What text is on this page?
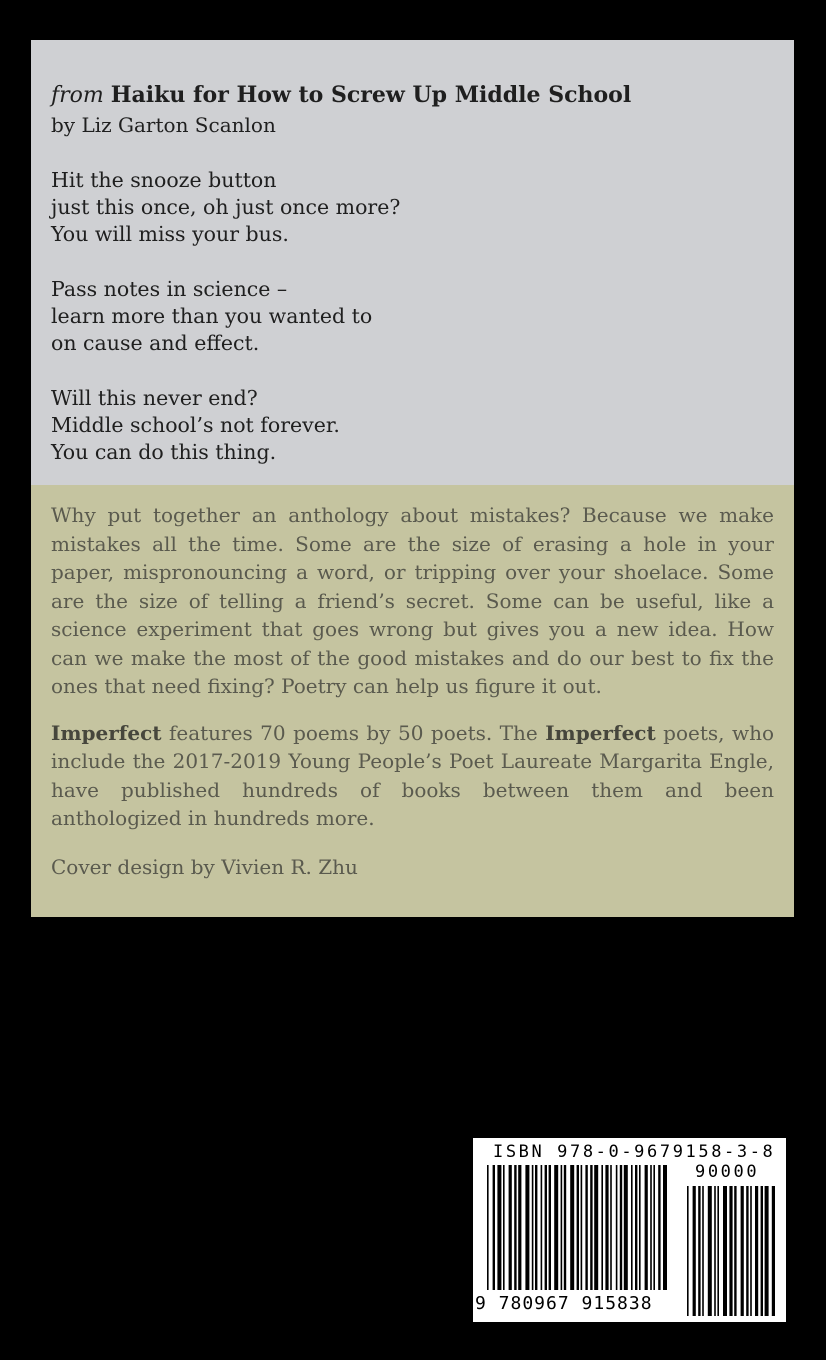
from Haiku for How to Screw Up Middle School
by Liz Garton Scanlon
Hit the snooze button
just this once, oh just once more?
You will miss your bus.
Pass notes in science –
learn more than you wanted to
on cause and effect.
Will this never end?
Middle school’s not forever.
You can do this thing.

Why put together an anthology about mistakes? Because we make mistakes all the time. Some are the size of erasing a hole in your paper, mispronouncing a word, or tripping over your shoelace. Some are the size of telling a friend’s secret. Some can be useful, like a science experiment that goes wrong but gives you a new idea. How can we make the most of the good mistakes and do our best to fix the ones that need fixing? Poetry can help us figure it out.

Imperfect features 70 poems by 50 poets. The Imperfect poets, who include the 2017-2019 Young People’s Poet Laureate Margarita Engle, have published hundreds of books between them and been anthologized in hundreds more.

Cover design by Vivien R. Zhu
ISBN 978-0-9679158-3-8
90000
9 780967 915838
